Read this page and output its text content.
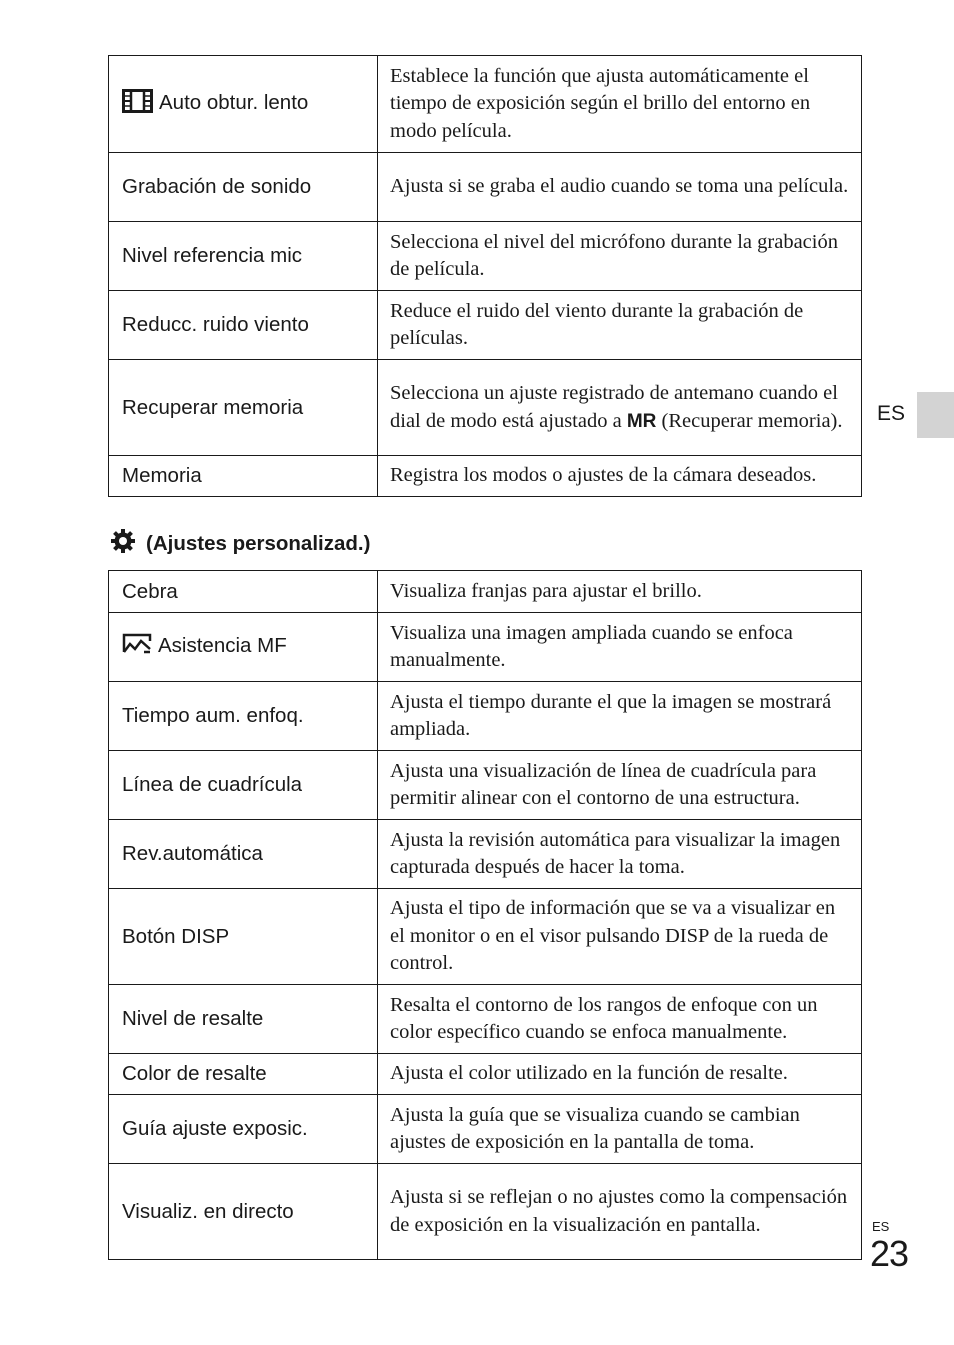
Auto obtur. lento	Establece la función que ajusta automáticamente el tiempo de exposición según el brillo del entorno en modo película.
Grabación de sonido	Ajusta si se graba el audio cuando se toma una película.
Nivel referencia mic	Selecciona el nivel del micrófono durante la grabación de película.
Reducc. ruido viento	Reduce el ruido del viento durante la grabación de películas.
Recuperar memoria	Selecciona un ajuste registrado de antemano cuando el dial de modo está ajustado a MR (Recuperar memoria).
Memoria	Registra los modos o ajustes de la cámara deseados.
(Ajustes personalizad.)
Cebra	Visualiza franjas para ajustar el brillo.
Asistencia MF	Visualiza una imagen ampliada cuando se enfoca manualmente.
Tiempo aum. enfoq.	Ajusta el tiempo durante el que la imagen se mostrará ampliada.
Línea de cuadrícula	Ajusta una visualización de línea de cuadrícula para permitir alinear con el contorno de una estructura.
Rev.automática	Ajusta la revisión automática para visualizar la imagen capturada después de hacer la toma.
Botón DISP	Ajusta el tipo de información que se va a visualizar en el monitor o en el visor pulsando DISP de la rueda de control.
Nivel de resalte	Resalta el contorno de los rangos de enfoque con un color específico cuando se enfoca manualmente.
Color de resalte	Ajusta el color utilizado en la función de resalte.
Guía ajuste exposic.	Ajusta la guía que se visualiza cuando se cambian ajustes de exposición en la pantalla de toma.
Visualiz. en directo	Ajusta si se reflejan o no ajustes como la compensación de exposición en la visualización en pantalla.
ES
ES
23
